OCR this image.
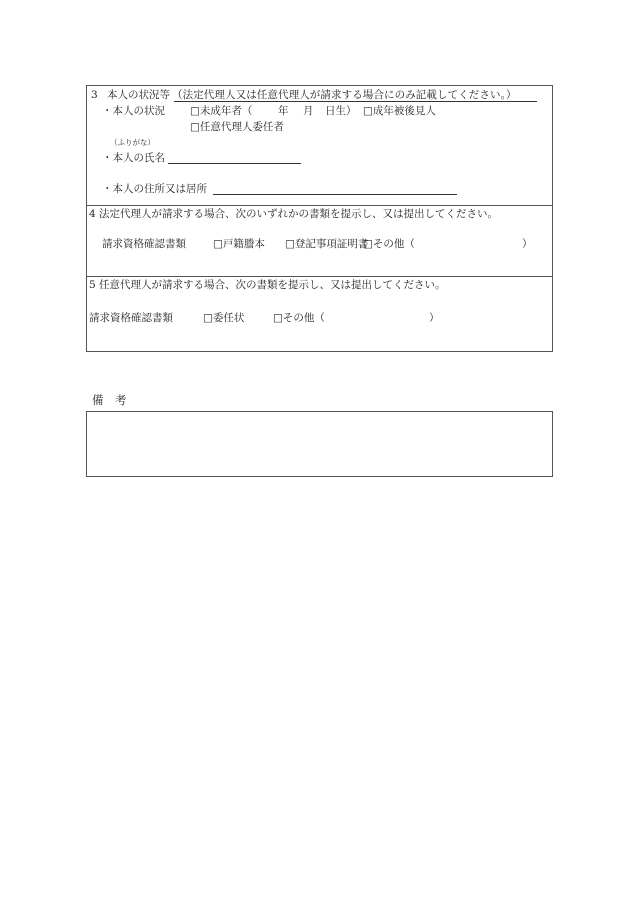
3 本人の状況等 （法定代理人又は任意代理人が請求する場合にのみ記載してください。）
・本人の状況 □未成年者（ 年 月 日生） □成年被後見人
□任意代理人委任者
（ふりがな）
・本人の氏名
・本人の住所又は居所
4 法定代理人が請求する場合、次のいずれかの書類を提示し、又は提出してください。
請求資格確認書類	□戸籍謄本 □登記事項証明書
□その他（	）
5 任意代理人が請求する場合、次の書類を提示し、又は提出してください。
請求資格確認書類	□委任状	□その他（	）
備　考
